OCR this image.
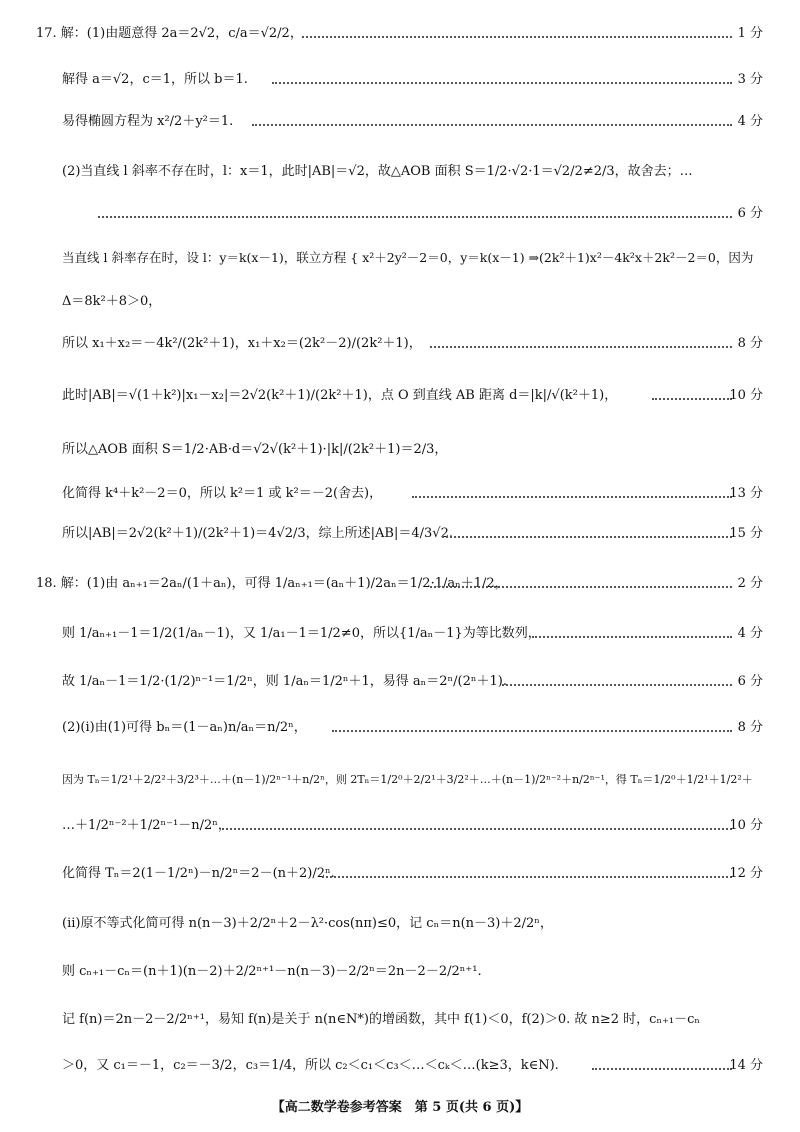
17. 解：(1)由题意得 2a＝2√2，c/a＝√2/2，	1 分
解得 a＝√2，c＝1，所以 b＝1.	3 分
易得椭圆方程为 x²/2＋y²＝1.	4 分
(2)当直线 l 斜率不存在时，l：x＝1，此时|AB|＝√2，故△AOB 面积 S＝1/2·√2·1＝√2/2≠2/3，故舍去；…
6 分
当直线 l 斜率存在时，设 l：y＝k(x－1)，联立方程 { x²＋2y²－2＝0，y＝k(x－1) ⇒(2k²＋1)x²－4k²x＋2k²－2＝0，因为
Δ＝8k²＋8＞0，
所以 x₁＋x₂＝－4k²/(2k²＋1)，x₁＋x₂＝(2k²－2)/(2k²＋1)，	8 分
此时|AB|＝√(1＋k²)|x₁－x₂|＝2√2(k²＋1)/(2k²＋1)，点 O 到直线 AB 距离 d＝|k|/√(k²＋1)，	10 分
所以△AOB 面积 S＝1/2·AB·d＝√2√(k²＋1)·|k|/(2k²＋1)＝2/3，
化简得 k⁴＋k²－2＝0，所以 k²＝1 或 k²＝－2(舍去)，	13 分
所以|AB|＝2√2(k²＋1)/(2k²＋1)＝4√2/3，综上所述|AB|＝4/3√2.	15 分
18. 解：(1)由 aₙ₊₁＝2aₙ/(1＋aₙ)，可得 1/aₙ₊₁＝(aₙ＋1)/2aₙ＝1/2·1/aₙ＋1/2，	2 分
则 1/aₙ₊₁－1＝1/2(1/aₙ－1)，又 1/a₁－1＝1/2≠0，所以{1/aₙ－1}为等比数列，	4 分
故 1/aₙ－1＝1/2·(1/2)ⁿ⁻¹＝1/2ⁿ，则 1/aₙ＝1/2ⁿ＋1，易得 aₙ＝2ⁿ/(2ⁿ＋1).	6 分
(2)(ⅰ)由(1)可得 bₙ＝(1－aₙ)n/aₙ＝n/2ⁿ，	8 分
因为 Tₙ＝1/2¹＋2/2²＋3/2³＋…＋(n－1)/2ⁿ⁻¹＋n/2ⁿ，则 2Tₙ＝1/2⁰＋2/2¹＋3/2²＋…＋(n－1)/2ⁿ⁻²＋n/2ⁿ⁻¹，得 Tₙ＝1/2⁰＋1/2¹＋1/2²＋
…＋1/2ⁿ⁻²＋1/2ⁿ⁻¹－n/2ⁿ，	10 分
化简得 Tₙ＝2(1－1/2ⁿ)－n/2ⁿ＝2－(n＋2)/2ⁿ.	12 分
(ⅱ)原不等式化简可得 n(n－3)＋2/2ⁿ＋2－λ²·cos(nπ)≤0，记 cₙ＝n(n－3)＋2/2ⁿ，
则 cₙ₊₁－cₙ＝(n＋1)(n－2)＋2/2ⁿ⁺¹－n(n－3)－2/2ⁿ＝2n－2－2/2ⁿ⁺¹.
记 f(n)＝2n－2－2/2ⁿ⁺¹，易知 f(n)是关于 n(n∈N*)的增函数，其中 f(1)＜0，f(2)＞0. 故 n≥2 时，cₙ₊₁－cₙ
＞0，又 c₁＝－1，c₂＝－3/2，c₃＝1/4，所以 c₂＜c₁＜c₃＜…＜cₖ＜…(k≥3，k∈N).	14 分
【高二数学卷参考答案　第 5 页(共 6 页)】
